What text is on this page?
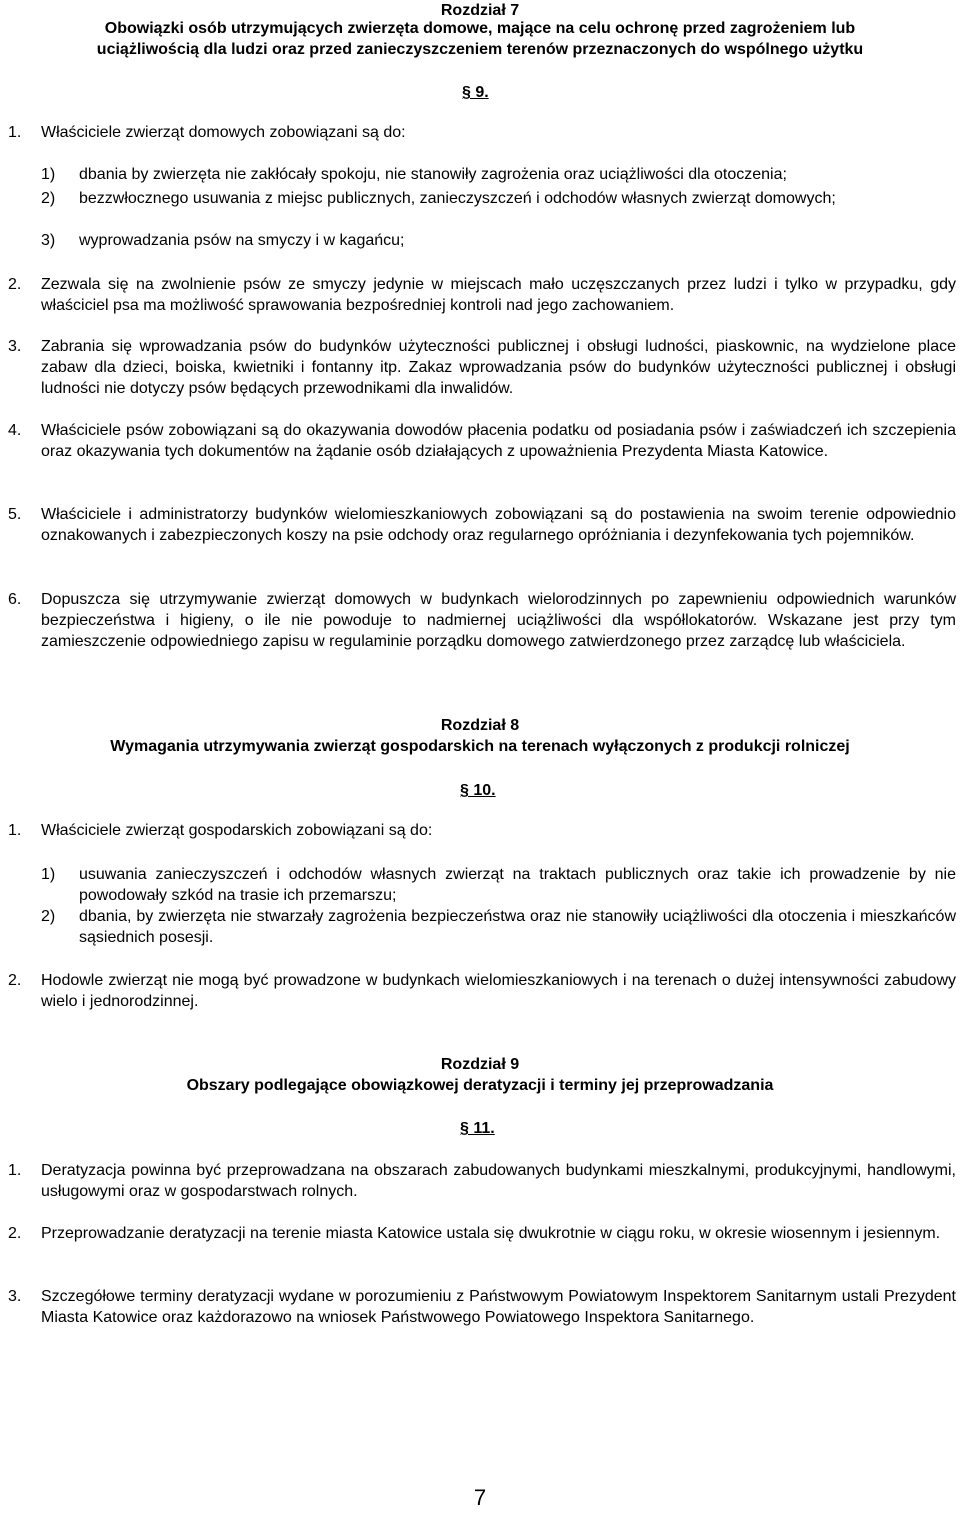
Rozdział 7
Obowiązki osób utrzymujących zwierzęta domowe, mające na celu ochronę przed zagrożeniem lub
uciążliwością dla ludzi oraz przed zanieczyszczeniem terenów przeznaczonych do wspólnego użytku
§ 9.
1. Właściciele zwierząt domowych zobowiązani są do:
1) dbania by zwierzęta nie zakłócały spokoju, nie stanowiły zagrożenia oraz uciążliwości dla otoczenia;
2) bezzwłocznego usuwania z miejsc publicznych, zanieczyszczeń i odchodów własnych zwierząt domowych;
3) wyprowadzania psów na smyczy i w kagańcu;
2. Zezwala się na zwolnienie psów ze smyczy jedynie w miejscach mało uczęszczanych przez ludzi i tylko w przypadku, gdy właściciel psa ma możliwość sprawowania bezpośredniej kontroli nad jego zachowaniem.
3. Zabrania się wprowadzania psów do budynków użyteczności publicznej i obsługi ludności, piaskownic, na wydzielone place zabaw dla dzieci, boiska, kwietniki i fontanny itp. Zakaz wprowadzania psów do budynków użyteczności publicznej i obsługi ludności nie dotyczy psów będących przewodnikami dla inwalidów.
4. Właściciele psów zobowiązani są do okazywania dowodów płacenia podatku od posiadania psów i zaświadczeń ich szczepienia oraz okazywania tych dokumentów na żądanie osób działających z upoważnienia Prezydenta Miasta Katowice.
5. Właściciele i administratorzy budynków wielomieszkaniowych zobowiązani są do postawienia na swoim terenie odpowiednio oznakowanych i zabezpieczonych koszy na psie odchody oraz regularnego opróżniania i dezynfekowania tych pojemników.
6. Dopuszcza się utrzymywanie zwierząt domowych w budynkach wielorodzinnych po zapewnieniu odpowiednich warunków bezpieczeństwa i higieny, o ile nie powoduje to nadmiernej uciążliwości dla współlokatorów. Wskazane jest przy tym zamieszczenie odpowiedniego zapisu w regulaminie porządku domowego zatwierdzonego przez zarządcę lub właściciela.
Rozdział 8
Wymagania utrzymywania zwierząt gospodarskich na terenach wyłączonych z produkcji rolniczej
§ 10.
1. Właściciele zwierząt gospodarskich zobowiązani są do:
1) usuwania zanieczyszczeń i odchodów własnych zwierząt na traktach publicznych oraz takie ich prowadzenie by nie powodowały szkód na trasie ich przemarszu;
2) dbania, by zwierzęta nie stwarzały zagrożenia bezpieczeństwa oraz nie stanowiły uciążliwości dla otoczenia i mieszkańców sąsiednich posesji.
2. Hodowle zwierząt nie mogą być prowadzone w budynkach wielomieszkaniowych i na terenach o dużej intensywności zabudowy wielo i jednorodzinnej.
Rozdział 9
Obszary podlegające obowiązkowej deratyzacji i terminy jej przeprowadzania
§ 11.
1. Deratyzacja powinna być przeprowadzana na obszarach zabudowanych budynkami mieszkalnymi, produkcyjnymi, handlowymi, usługowymi oraz w gospodarstwach rolnych.
2. Przeprowadzanie deratyzacji na terenie miasta Katowice ustala się dwukrotnie w ciągu roku, w okresie wiosennym i jesiennym.
3. Szczegółowe terminy deratyzacji wydane w porozumieniu z Państwowym Powiatowym Inspektorem Sanitarnym ustali Prezydent Miasta Katowice oraz każdorazowo na wniosek Państwowego Powiatowego Inspektora Sanitarnego.
7
